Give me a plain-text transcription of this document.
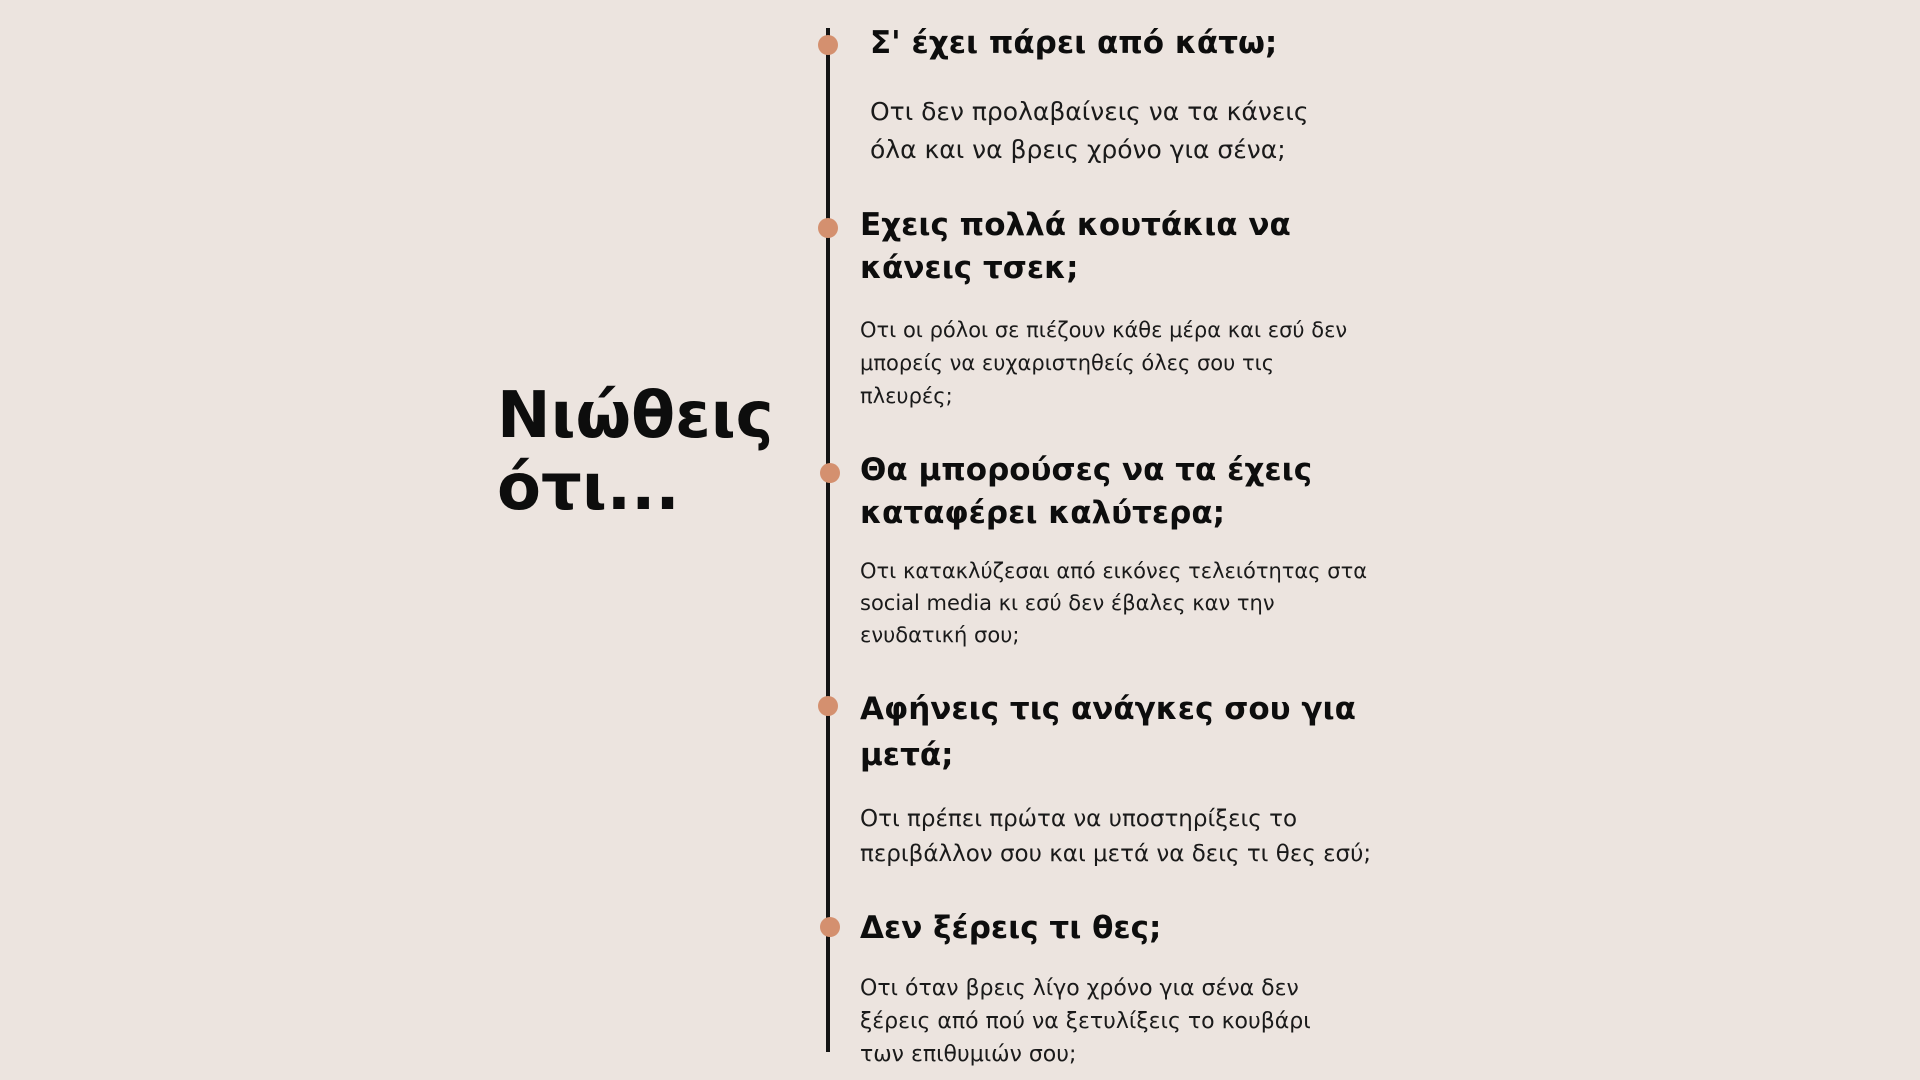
Νιώθεις
ότι...
Σ' έχει πάρει από κάτω;

Οτι δεν προλαβαίνεις να τα κάνεις όλα και να βρεις χρόνο για σένα;

Εχεις πολλά κουτάκια να κάνεις τσεκ;

Οτι οι ρόλοι σε πιέζουν κάθε μέρα και εσύ δεν μπορείς να ευχαριστηθείς όλες σου τις πλευρές;

Θα μπορούσες να τα έχεις καταφέρει καλύτερα;

Οτι κατακλύζεσαι από εικόνες τελειότητας στα social media κι εσύ δεν έβαλες καν την ενυδατική σου;

Αφήνεις τις ανάγκες σου για μετά;

Οτι πρέπει πρώτα να υποστηρίξεις το περιβάλλον σου και μετά να δεις τι θες εσύ;

Δεν ξέρεις τι θες;

Οτι όταν βρεις λίγο χρόνο για σένα δεν ξέρεις από πού να ξετυλίξεις το κουβάρι των επιθυμιών σου;
